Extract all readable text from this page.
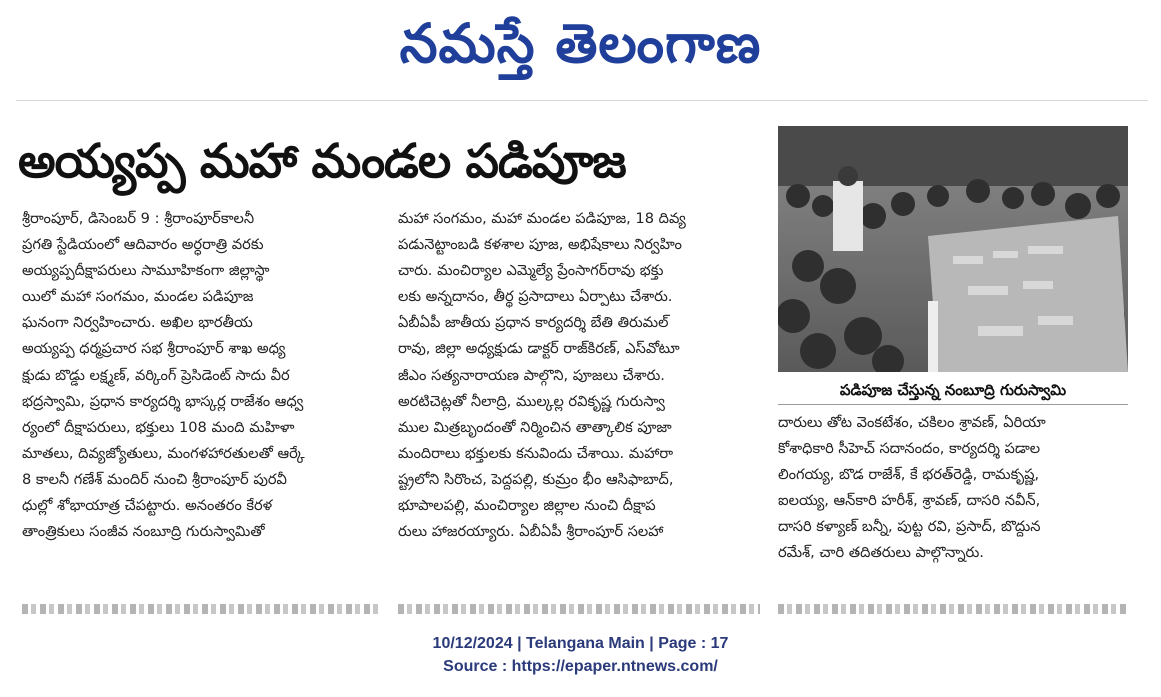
నమస్తే తెలంగాణ
అయ్యప్ప మహా మండల పడిపూజ
పడిపూజ చేస్తున్న నంబూద్రి గురుస్వామి
శ్రీరాంపూర్, డిసెంబర్ 9 : శ్రీరాంపూర్‌కాలనీ
ప్రగతి స్టేడియంలో ఆదివారం అర్ధరాత్రి వరకు
అయ్యప్పదీక్షాపరులు సామూహికంగా జిల్లాస్థా
యిలో మహా సంగమం, మండల పడిపూజ
ఘనంగా నిర్వహించారు. అఖిల భారతీయ
అయ్యప్ప ధర్మప్రచార సభ శ్రీరాంపూర్ శాఖ అధ్య
క్షుడు బొడ్డు లక్ష్మణ్, వర్కింగ్ ప్రెసిడెంట్ సాదు వీర
భద్రస్వామి, ప్రధాన కార్యదర్శి భాస్కర్ల రాజేశం ఆధ్వ
ర్యంలో దీక్షాపరులు, భక్తులు 108 మంది మహిళా
మాతలు, దివ్యజ్యోతులు, మంగళహారతులతో ఆర్కే
8 కాలనీ గణేశ్ మందిర్ నుంచి శ్రీరాంపూర్ పురవీ
ధుల్లో శోభాయాత్ర చేపట్టారు. అనంతరం కేరళ
తాంత్రికులు సంజీవ నంబూద్రి గురుస్వామితో
మహా సంగమం, మహా మండల పడిపూజ, 18 దివ్య
పడునెట్టాంబడి కళశాల పూజ, అభిషేకాలు నిర్వహిం
చారు. మంచిర్యాల ఎమ్మెల్యే ప్రేంసాగర్‌రావు భక్తు
లకు అన్నదానం, తీర్థ ప్రసాదాలు ఏర్పాటు చేశారు.
ఏబీఏపీ జాతీయ ప్రధాన కార్యదర్శి బేతి తిరుమల్
రావు, జిల్లా అధ్యక్షుడు డాక్టర్ రాజ్‌కిరణ్, ఎస్‌వోటూ
జీఎం సత్యనారాయణ పాల్గొని, పూజలు చేశారు.
అరటిచెట్లతో నీలాద్రి, ముల్కల్ల రవికృష్ణ గురుస్వా
ముల మిత్రబృందంతో నిర్మించిన తాత్కాలిక పూజా
మందిరాలు భక్తులకు కనువిందు చేశాయి. మహారా
ష్ట్రలోని సిరొంచ, పెద్దపల్లి, కుమ్రం భీం ఆసిఫాబాద్,
భూపాలపల్లి, మంచిర్యాల జిల్లాల నుంచి దీక్షాప
రులు హాజరయ్యారు. ఏబీఏపీ శ్రీరాంపూర్ సలహా
దారులు తోట వెంకటేశం, చకిలం శ్రావణ్, ఏరియా
కోశాధికారి సీహెచ్ సదానందం, కార్యదర్శి పడాల
లింగయ్య, బొడ రాజేశ్, కే భరత్‌రెడ్డి, రామకృష్ణ,
ఐలయ్య, ఆన్‌కారి హరీశ్, శ్రావణ్, దాసరి నవీన్,
దాసరి కళ్యాణ్ బన్నీ, పుట్ట రవి, ప్రసాద్, బొద్దున
రమేశ్, చారి తదితరులు పాల్గొన్నారు.
10/12/2024 | Telangana Main | Page : 17
Source : https://epaper.ntnews.com/
